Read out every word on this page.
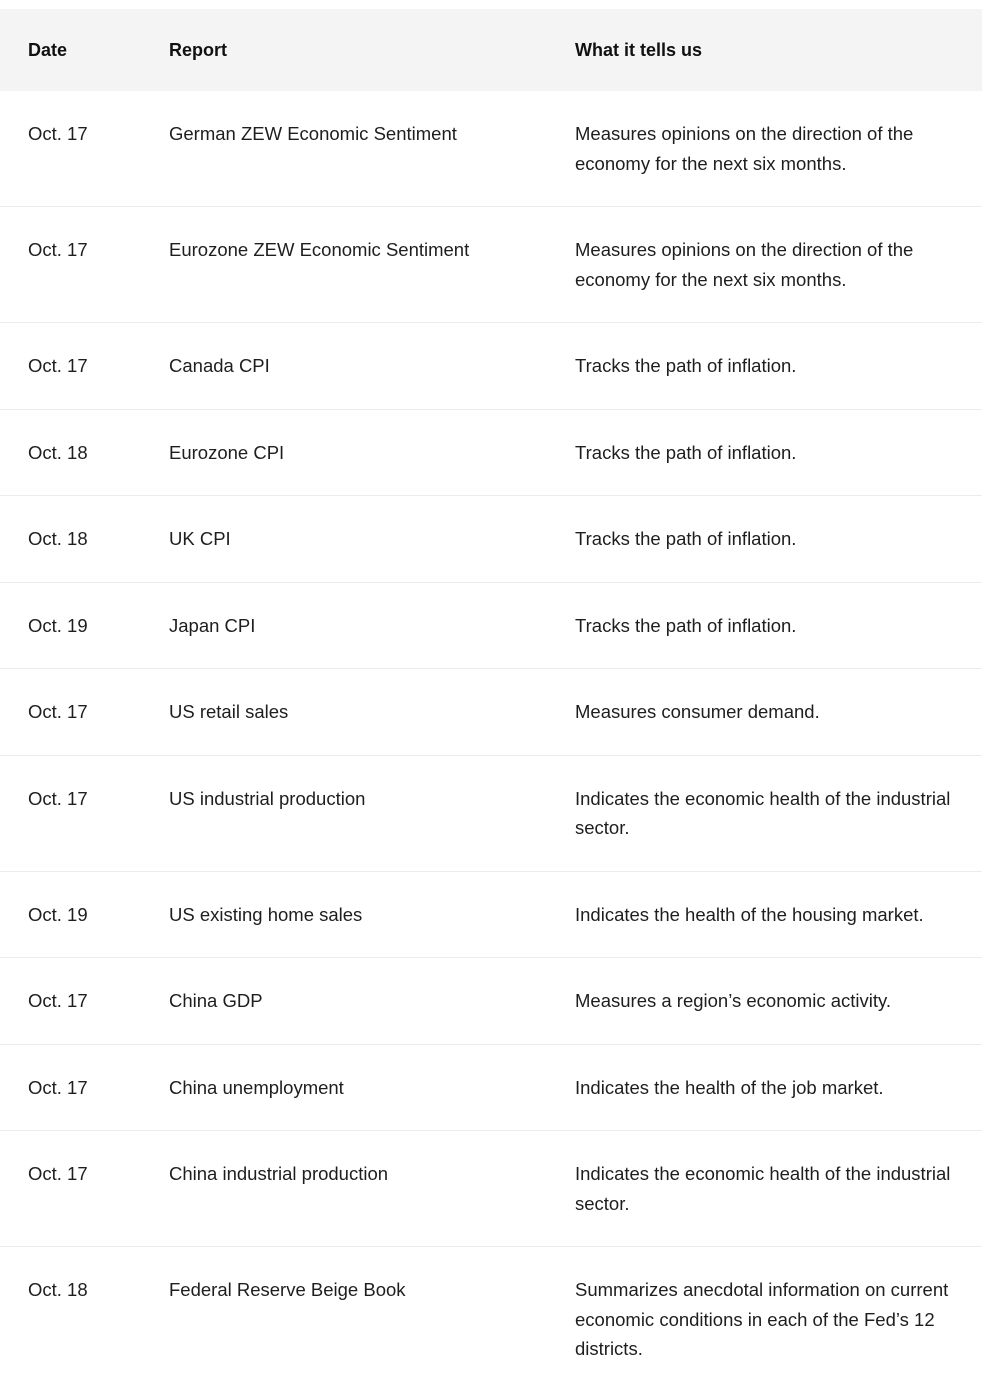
Date	Report	What it tells us
Oct. 17	German ZEW Economic Sentiment	Measures opinions on the direction of the economy for the next six months.
Oct. 17	Eurozone ZEW Economic Sentiment	Measures opinions on the direction of the economy for the next six months.
Oct. 17	Canada CPI	Tracks the path of inflation.
Oct. 18	Eurozone CPI	Tracks the path of inflation.
Oct. 18	UK CPI	Tracks the path of inflation.
Oct. 19	Japan CPI	Tracks the path of inflation.
Oct. 17	US retail sales	Measures consumer demand.
Oct. 17	US industrial production	Indicates the economic health of the industrial sector.
Oct. 19	US existing home sales	Indicates the health of the housing market.
Oct. 17	China GDP	Measures a region’s economic activity.
Oct. 17	China unemployment	Indicates the health of the job market.
Oct. 17	China industrial production	Indicates the economic health of the industrial sector.
Oct. 18	Federal Reserve Beige Book	Summarizes anecdotal information on current economic conditions in each of the Fed’s 12 districts.
